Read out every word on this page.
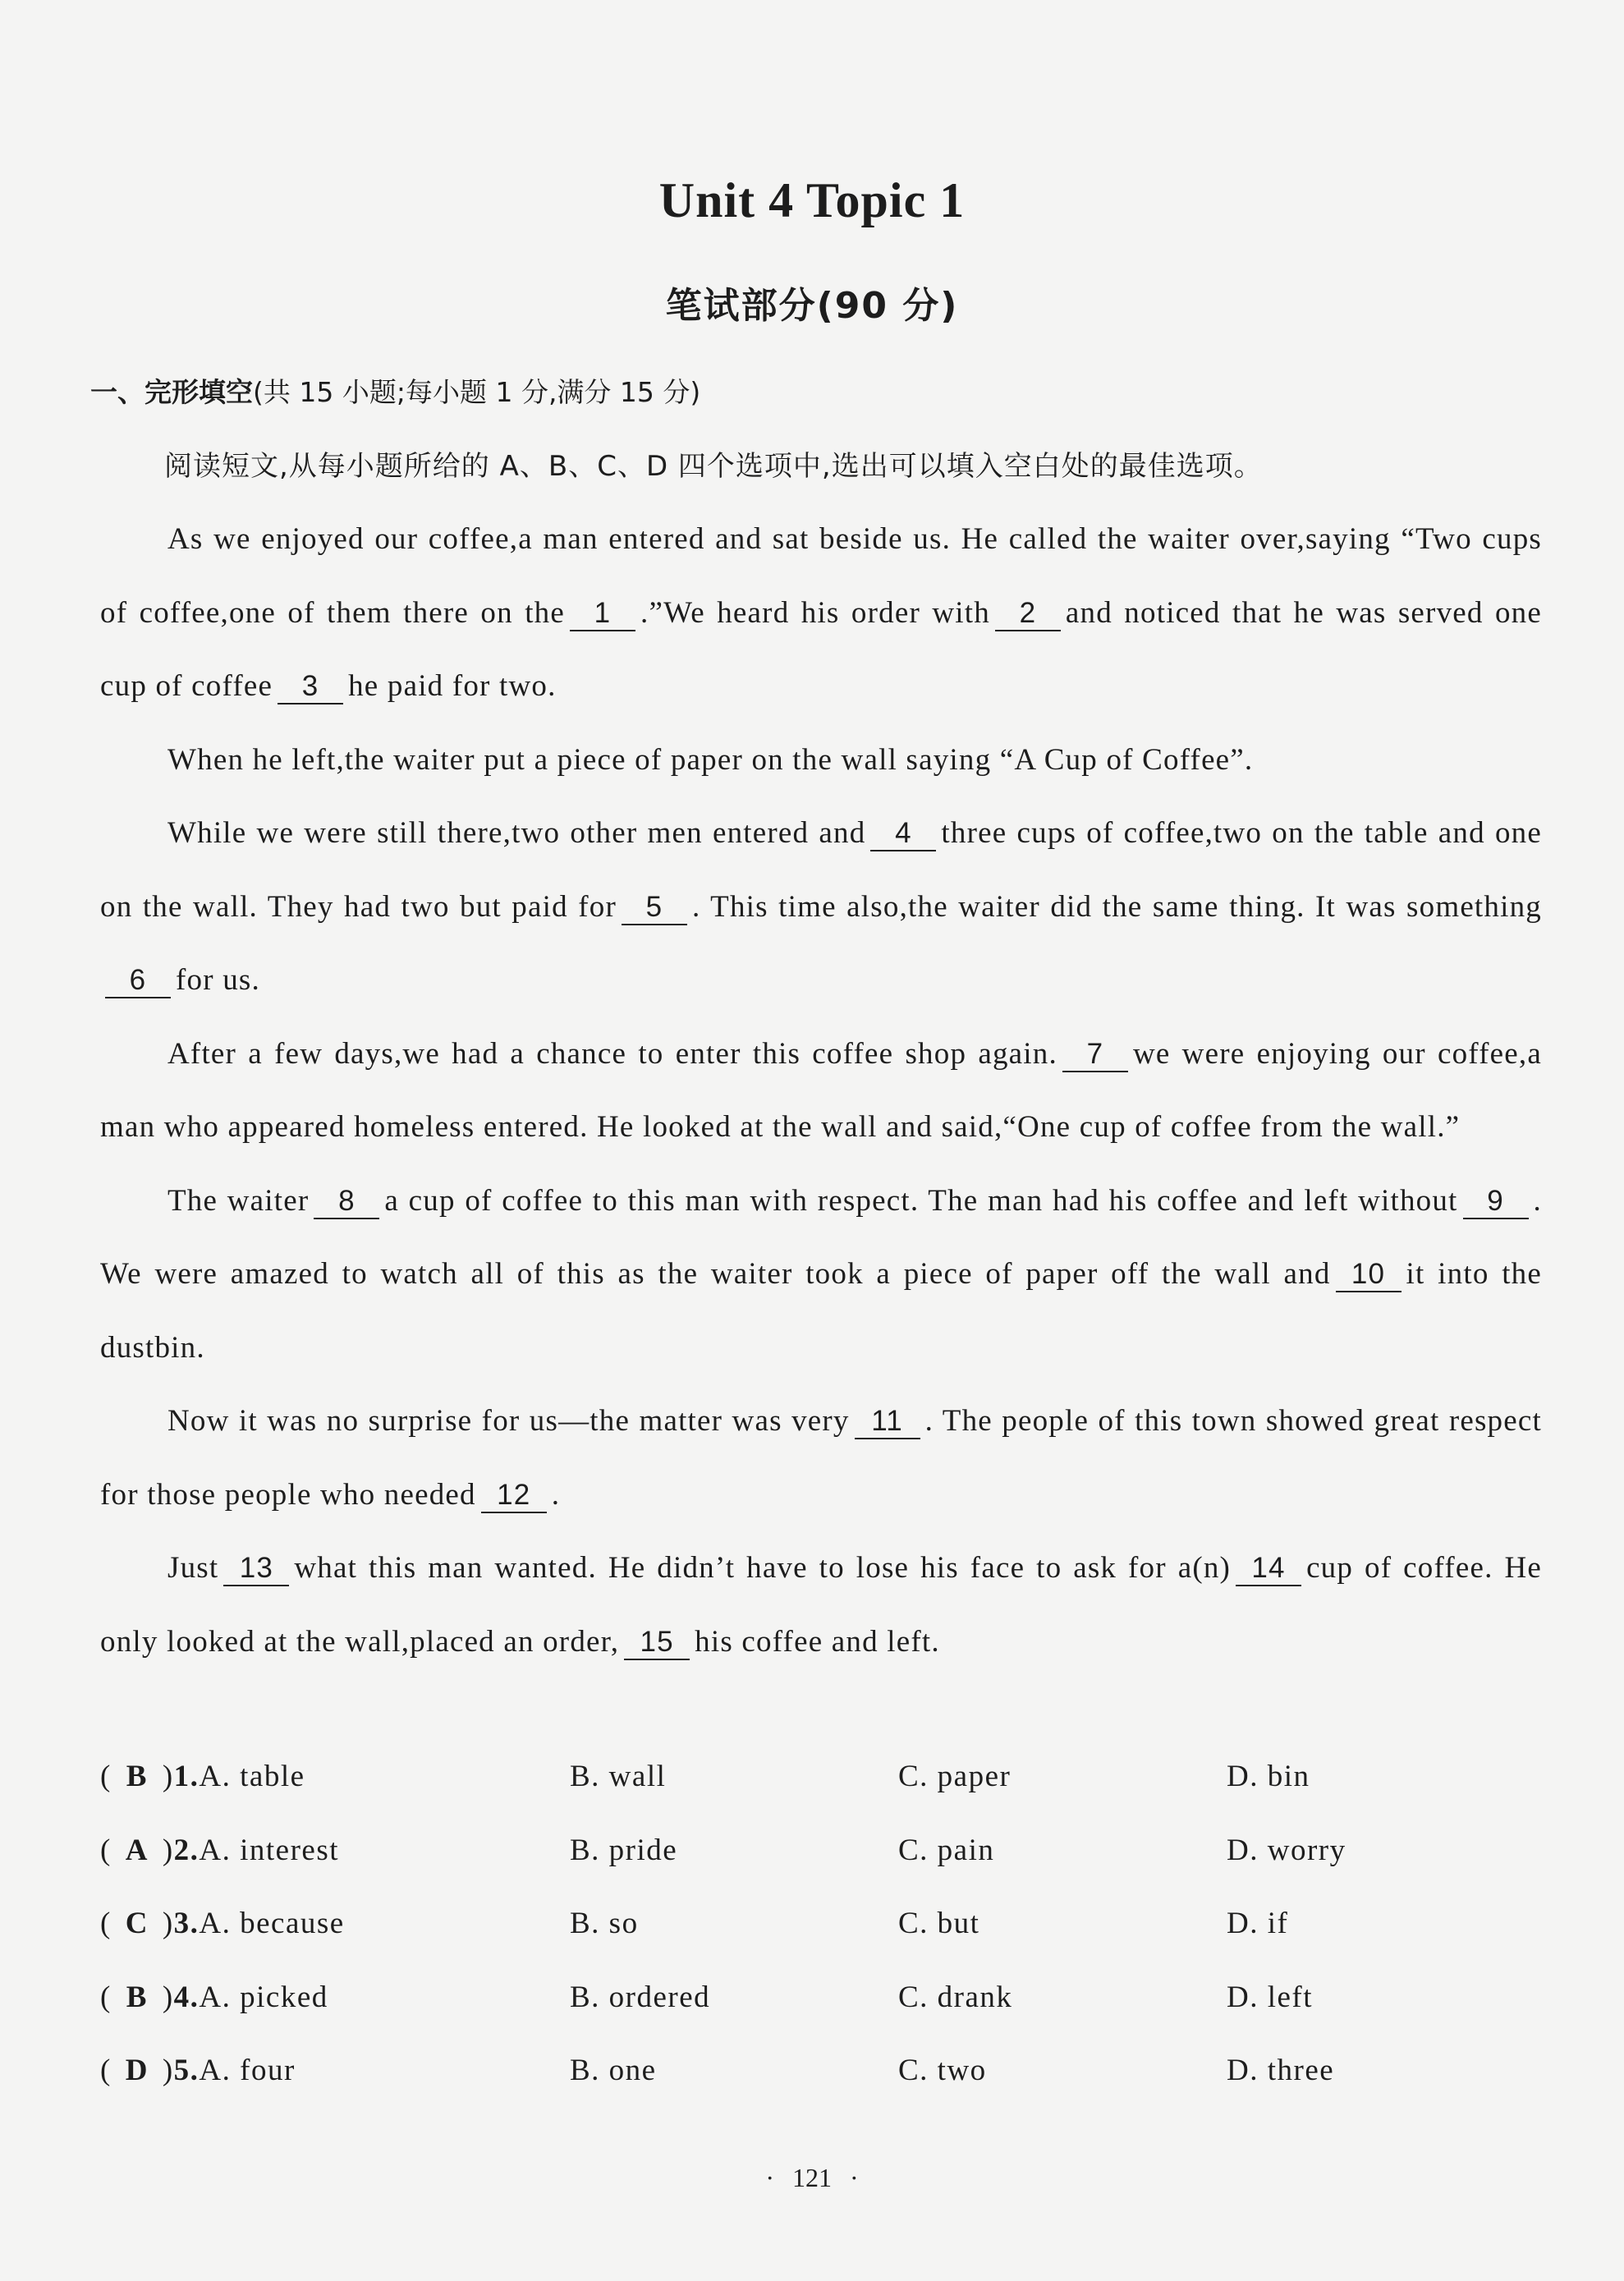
Unit 4 Topic 1
笔试部分(90 分)
一、完形填空(共 15 小题;每小题 1 分,满分 15 分)
阅读短文,从每小题所给的 A、B、C、D 四个选项中,选出可以填入空白处的最佳选项。

As we enjoyed our coffee,a man entered and sat beside us. He called the waiter over,saying “Two cups of coffee,one of them there on the 1 .”We heard his order with 2 and noticed that he was served one cup of coffee 3 he paid for two.

When he left,the waiter put a piece of paper on the wall saying “A Cup of Coffee”.

While we were still there,two other men entered and 4 three cups of coffee,two on the table and one on the wall. They had two but paid for 5 . This time also,the waiter did the same thing. It was something6 for us.

After a few days,we had a chance to enter this coffee shop again. 7 we were enjoying our coffee,a man who appeared homeless entered. He looked at the wall and said,“One cup of coffee from the wall.”

The waiter 8 a cup of coffee to this man with respect. The man had his coffee and left without 9 . We were amazed to watch all of this as the waiter took a piece of paper off the wall and 10 it into the dustbin.

Now it was no surprise for us—the matter was very 11 . The people of this town showed great respect for those people who needed 12 .

Just 13 what this man wanted. He didn’t have to lose his face to ask for a(n) 14 cup of coffee. He only looked at the wall,placed an order, 15 his coffee and left.

( B )1.A. table	B. wall	C. paper	D. bin
( A )2.A. interest	B. pride	C. pain	D. worry
( C )3.A. because	B. so	C. but	D. if
( B )4.A. picked	B. ordered	C. drank	D. left
( D )5.A. four	B. one	C. two	D. three
· 121 ·
